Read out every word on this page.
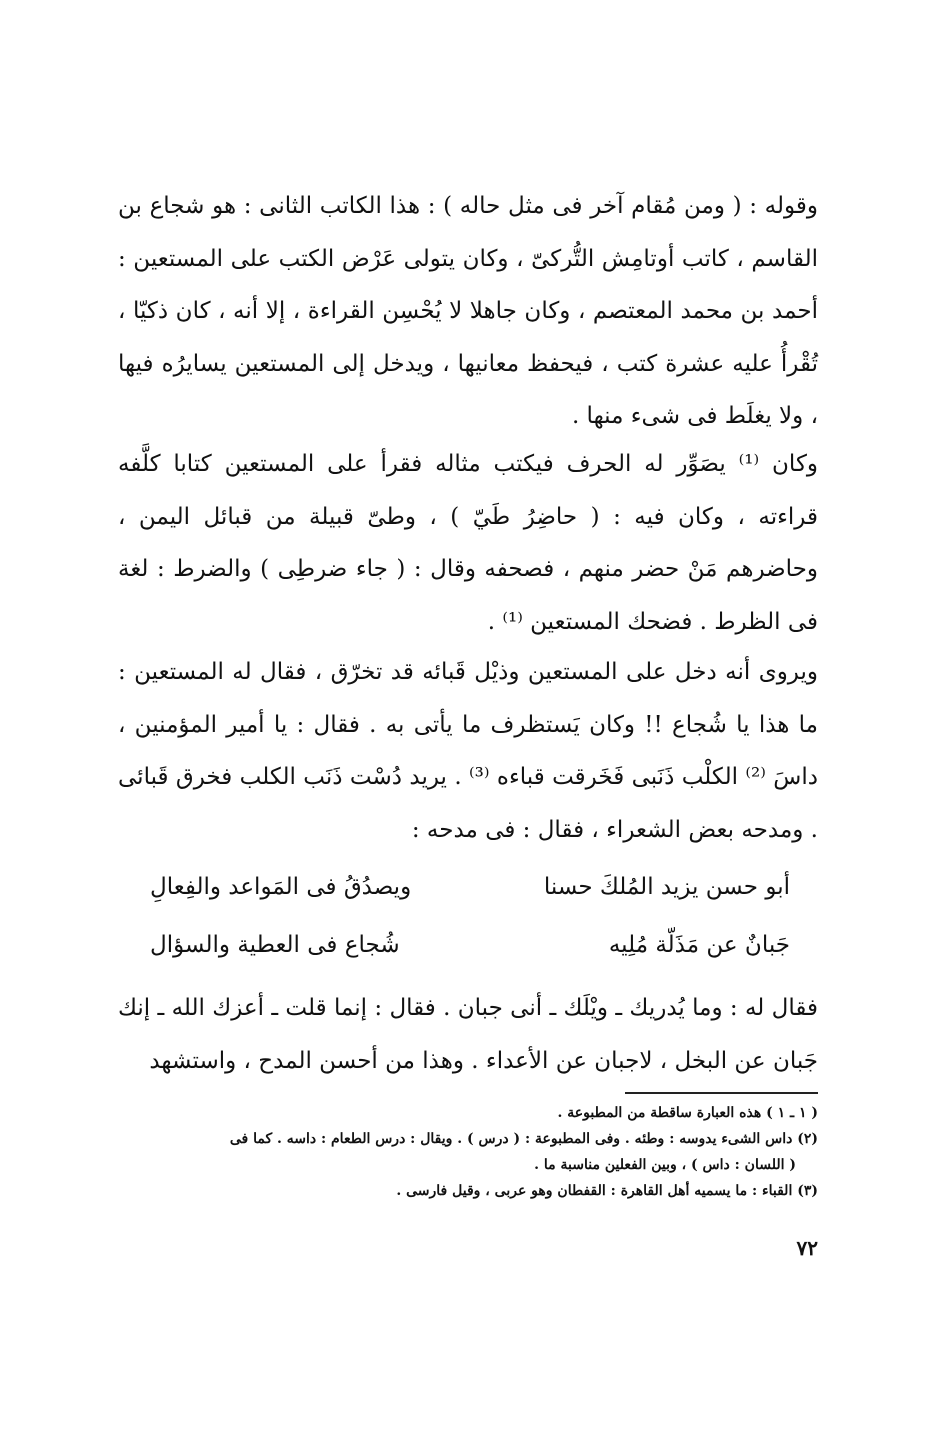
وقوله : ( ومن مُقام آخر فى مثل حاله ) : هذا الكاتب الثانى : هو شجاع بن القاسم ، كاتب أوتامِش التُّركىّ ، وكان يتولى عَرْض الكتب على المستعين : أحمد بن محمد المعتصم ، وكان جاهلا لا يُحْسِن القراءة ، إلا أنه ، كان ذكيّا ، تُقْرأُ عليه عشرة كتب ، فيحفظ معانيها ، ويدخل إلى المستعين يسايرُه فيها ، ولا يغلَط فى شىء منها .

وكان ⁽¹⁾ يصَوِّر له الحرف فيكتب مثاله فقرأ على المستعين كتابا كلَّفه قراءته ، وكان فيه : ( حاضِرُ طَيّ ) ، وطىّ قبيلة من قبائل اليمن ، وحاضرهم مَنْ حضر منهم ، فصحفه وقال : ( جاء ضرطِى ) والضرط : لغة فى الظرط . فضحك المستعين ⁽¹⁾ .

ويروى أنه دخل على المستعين وذيْل قَبائه قد تخرّق ، فقال له المستعين : ما هذا يا شُجاع !! وكان يَستظرف ما يأتى به . فقال : يا أمير المؤمنين ، داسَ ⁽²⁾ الكلْب ذَنَبى فَخَرقت قباءه ⁽³⁾ . يريد دُسْت ذَنَب الكلب فخرق قَبائى . ومدحه بعض الشعراء ، فقال : فى مدحه :

أبو حسن يزيد المُلكَ حسنا
ويصدُقُ فى المَواعد والفِعالِ
جَبانٌ عن مَذَلّة مُلِيه
شُجاع فى العطية والسؤال

فقال له : وما يُدريك ـ ويْلَك ـ أنى جبان . فقال : إنما قلت ـ أعزك الله ـ إنك جَبان عن البخل ، لاجبان عن الأعداء . وهذا من أحسن المدح ، واستشهد

( ١ ـ ١ ) هذه العبارة ساقطة من المطبوعة .

(٢) داس الشىء يدوسه : وطئه . وفى المطبوعة : ( درس ) . ويقال : درس الطعام : داسه . كما فى

( اللسان : داس ) ، وبين الفعلين مناسبة ما .

(٣) القباء : ما يسميه أهل القاهرة : القفطان وهو عربى ، وقيل فارسى .

٧٢
